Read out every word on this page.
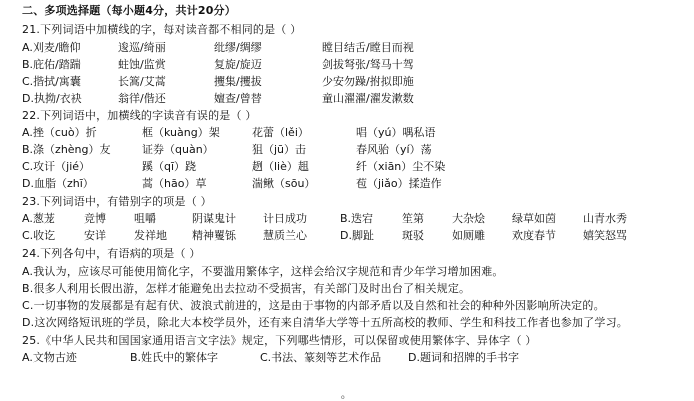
二、多项选择题（每小题4分，共计20分）
21.下列词语中加横线的字，每对读音都不相同的是（ ）
A.刈麦/瞻仰	逡巡/绮丽	纰缪/绸缪	瞠目结舌/瞠目而视
B.庇佑/踏踹	蛀蚀/监赏	复旋/旋迈	剑拔弩张/驽马十驾
C.揩拭/寓囊	长篙/艾蒿	攫集/攫拔	少安勿躁/拊拟即施
D.执拗/衣袂	翁徉/偕还	嬗查/曾替	童山濯濯/濯发漱数
22.下列词语中，加横线的字读音有误的是（ ）
A.挫（cuò）折	框（kuàng）架	花蕾（lěi）	唱（yú）喁私语
B.涤（zhèng）友	证券（quàn）	狙（jū）击	春风骀（yí）荡
C.攻讦（jié）	蹊（qī）跷	趔（liè）趄	纤（xiān）尘不染
D.血脂（zhī）	蒿（hāo）草	湍鳅（sōu）	苞（jiǎo）揉造作
23.下列词语中，有错别字的项是（ ）
A.葱茏	竞博	咀嚼	阴谋鬼计 计日成功	B.迭宕	笙第	大杂烩 绿草如茵 山青水秀
C.收讫	安详	发祥地 精神矍铄 慧质兰心	D.脚趾	斑驳	如厕雕 欢度春节 嬉笑怒骂
24.下列各句中，有语病的项是（ ）
A.我认为，应该尽可能使用简化字，不要滥用繁体字，这样会给汉字规范和青少年学习增加困难。
B.很多人利用长假出游，怎样才能避免出去拉动不受损害，有关部门及时出台了相关规定。
C.一切事物的发展都是有起有伏、波浪式前进的，这是由于事物的内部矛盾以及自然和社会的种种外因影响所决定的。
D.这次网络短讯班的学员，除北大本校学员外，还有来自清华大学等十五所高校的教师、学生和科技工作者也参加了学习。
25.《中华人民共和国国家通用语言文字法》规定，下列哪些情形，可以保留或使用繁体字、异体字（ ）
A.文物古迹	B.姓氏中的繁体字	C.书法、篆刻等艺术作品 D.题词和招牌的手书字
o
